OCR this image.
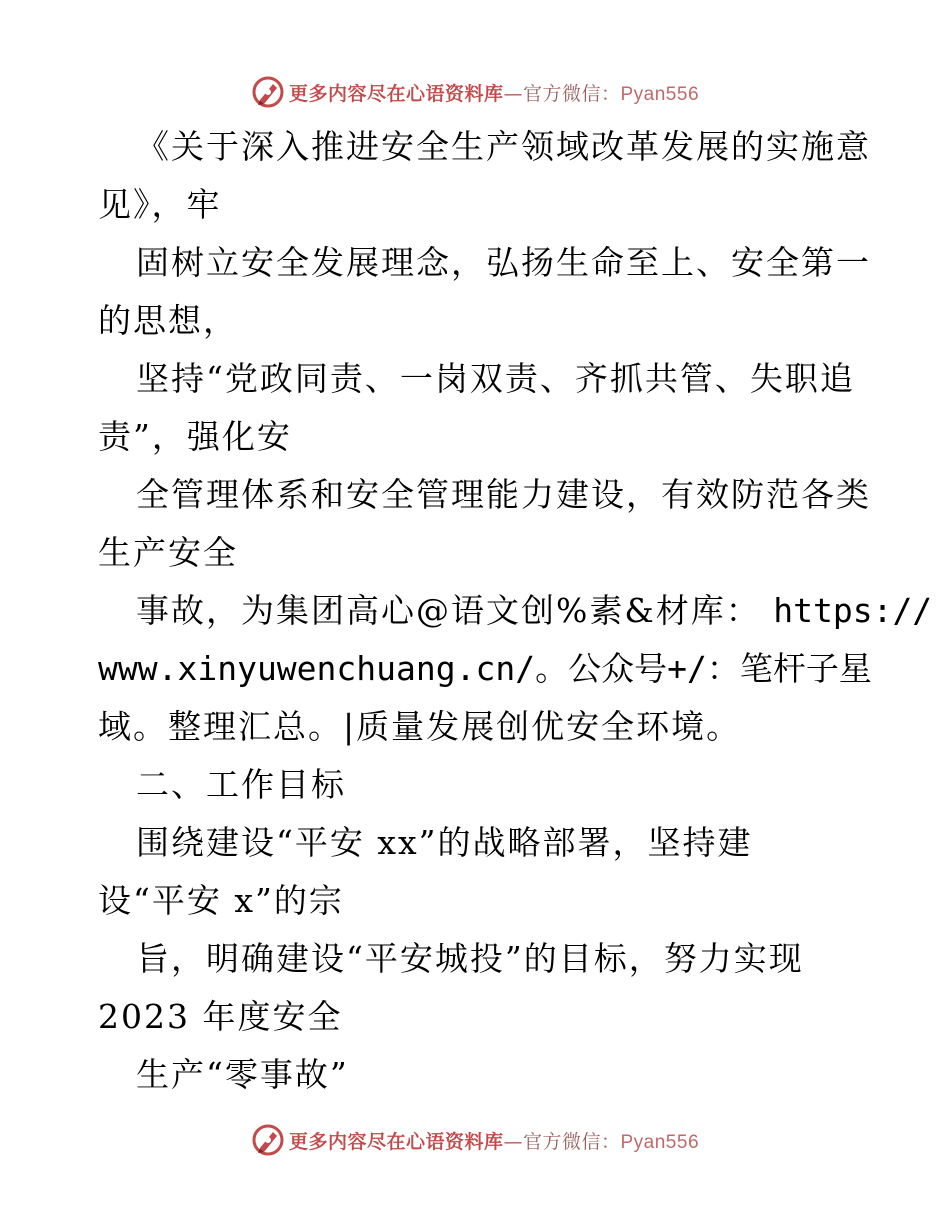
更多内容尽在心语资料库—官方微信：Pyan556
《关于深入推进安全生产领域改革发展的实施意
见》，牢
固树立安全发展理念，弘扬生命至上、安全第一
的思想，
坚持“党政同责、一岗双责、齐抓共管、失职追
责”，强化安
全管理体系和安全管理能力建设，有效防范各类
生产安全
事故，为集团高心@语文创%素&材库： https://
www.xinyuwenchuang.cn/。公众号+/：笔杆子星
域。整理汇总。|质量发展创优安全环境。
二、工作目标
围绕建设“平安 xx”的战略部署，坚持建
设“平安 x”的宗
旨，明确建设“平安城投”的目标，努力实现
2023 年度安全
生产“零事故”
更多内容尽在心语资料库—官方微信：Pyan556
